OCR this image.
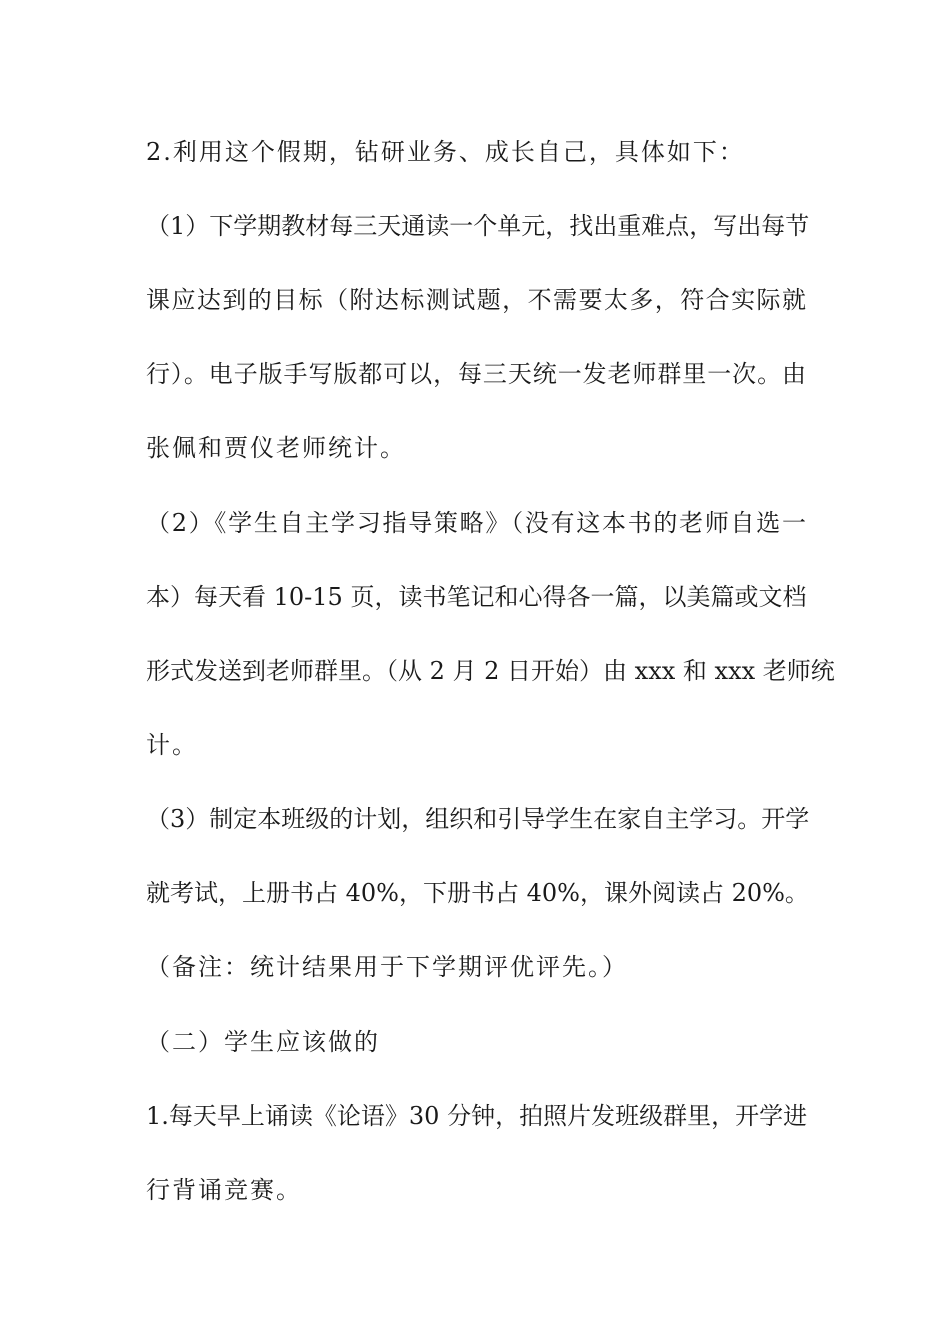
2.利用这个假期，钻研业务、成长自己，具体如下：
（1）下学期教材每三天通读一个单元，找出重难点，写出每节
课应达到的目标（附达标测试题，不需要太多，符合实际就
行）。电子版手写版都可以，每三天统一发老师群里一次。由
张佩和贾仪老师统计。
（2）《学生自主学习指导策略》（没有这本书的老师自选一
本）每天看 10-15 页，读书笔记和心得各一篇，以美篇或文档
形式发送到老师群里。（从 2 月 2 日开始）由 xxx 和 xxx 老师统
计。
（3）制定本班级的计划，组织和引导学生在家自主学习。开学
就考试，上册书占 40%，下册书占 40%，课外阅读占 20%。
（备注：统计结果用于下学期评优评先。）
（二）学生应该做的
1.每天早上诵读《论语》30 分钟，拍照片发班级群里，开学进
行背诵竞赛。
